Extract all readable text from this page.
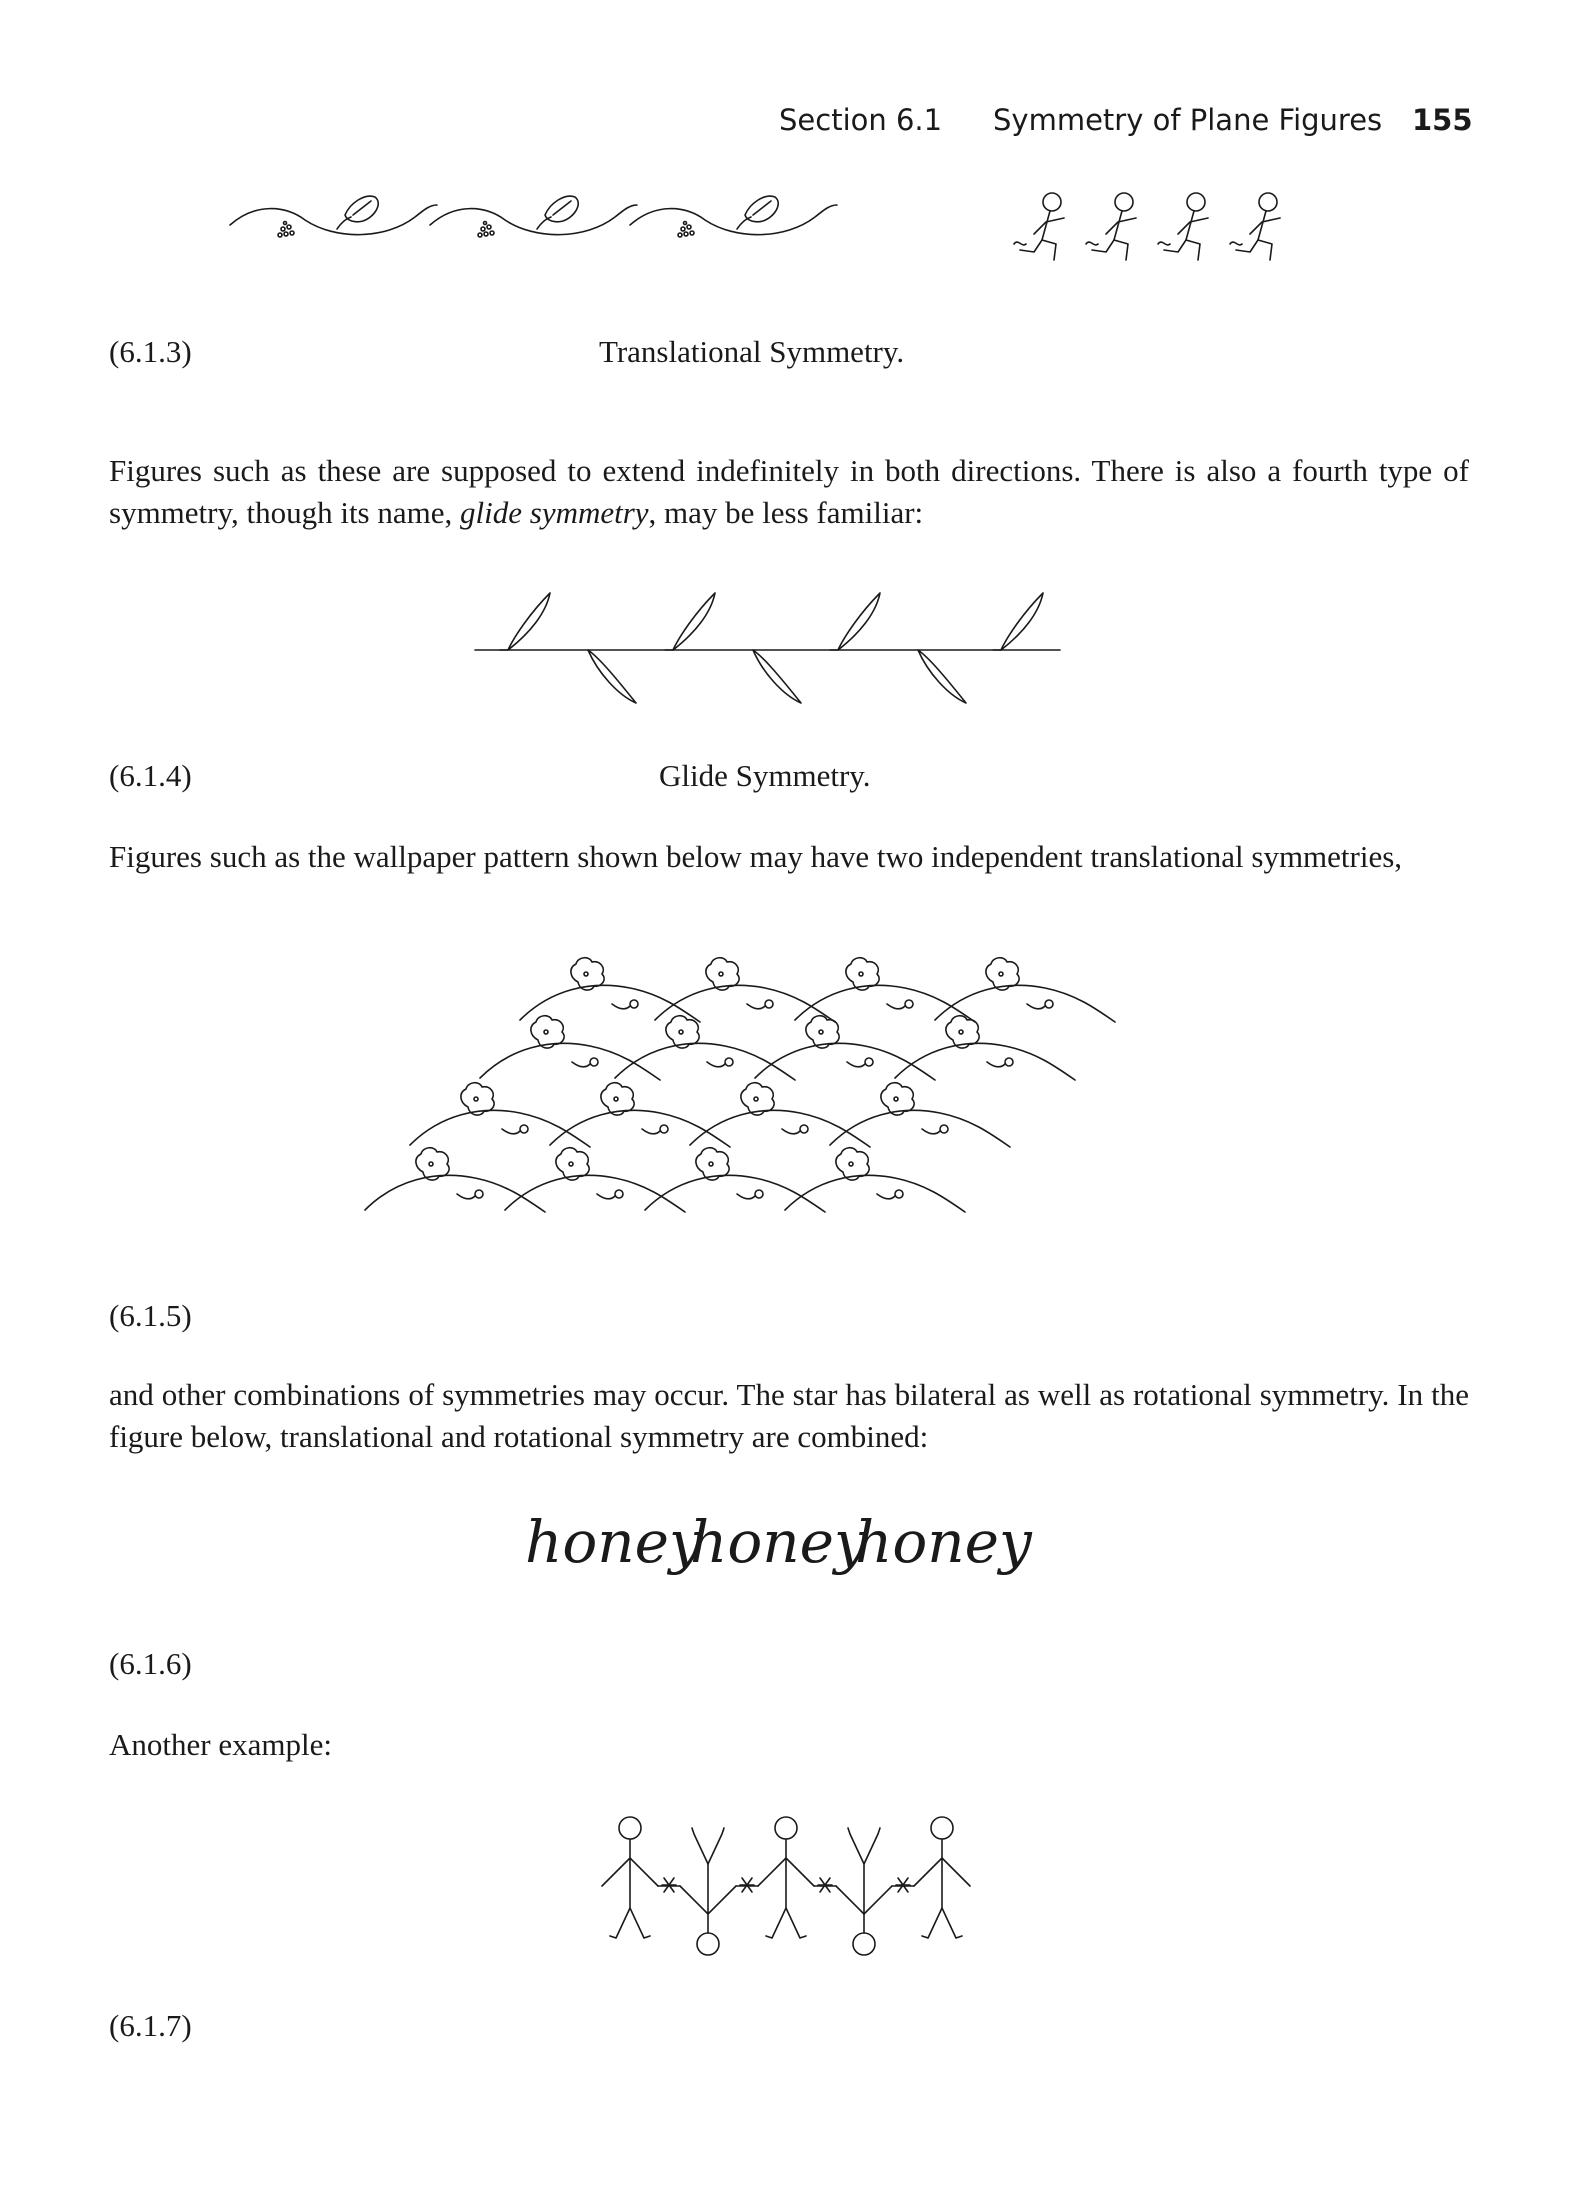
Section 6.1 Symmetry of Plane Figures 155
(6.1.3)	Translational Symmetry.

Figures such as these are supposed to extend indefinitely in both directions. There is also a fourth type of symmetry, though its name, glide symmetry, may be less familiar:

(6.1.4)	Glide Symmetry.

Figures such as the wallpaper pattern shown below may have two independent translational symmetries,

(6.1.5)

and other combinations of symmetries may occur. The star has bilateral as well as rotational symmetry. In the figure below, translational and rotational symmetry are combined:

honey
honey
honey
(6.1.6)

Another example:

(6.1.7)
